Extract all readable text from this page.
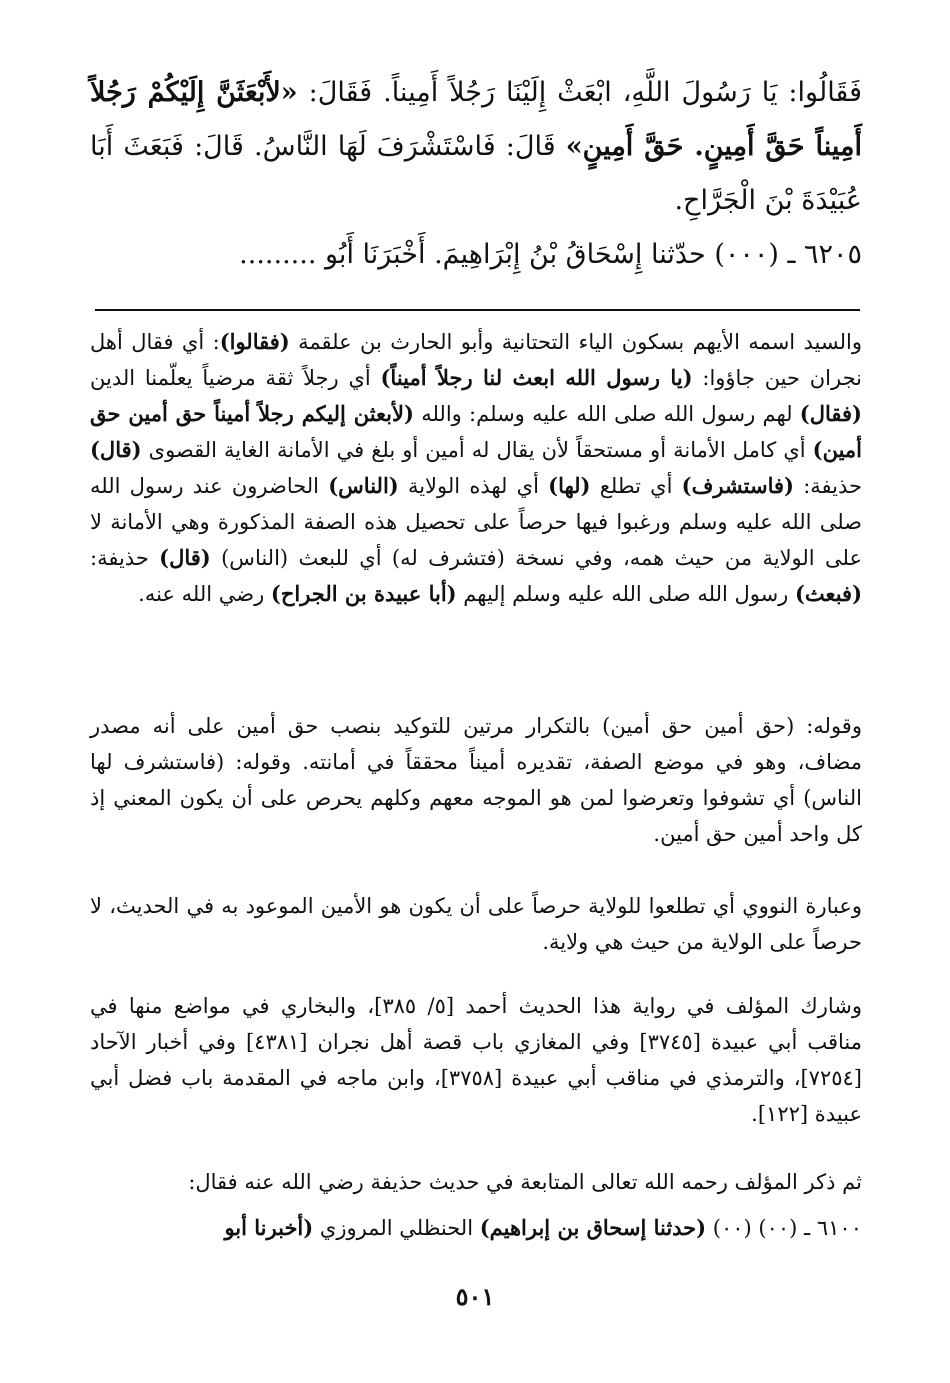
فَقَالُوا: يَا رَسُولَ اللَّهِ، ابْعَثْ إِلَيْنَا رَجُلاً أَمِيناً. فَقَالَ: «لأَبْعَثَنَّ إِلَيْكُمْ رَجُلاً أَمِيناً حَقَّ أَمِينٍ. حَقَّ أَمِينٍ» قَالَ: فَاسْتَشْرَفَ لَهَا النَّاسُ. قَالَ: فَبَعَثَ أَبَا عُبَيْدَةَ بْنَ الْجَرَّاحِ.
٦٢٠٥ ـ (٠٠٠) حدّثنا إِسْحَاقُ بْنُ إِبْرَاهِيمَ. أَخْبَرَنَا أَبُو .........
والسيد اسمه الأيهم بسكون الياء التحتانية وأبو الحارث بن علقمة (فقالوا): أي فقال أهل نجران حين جاؤوا: (يا رسول الله ابعث لنا رجلاً أميناً) أي رجلاً ثقة مرضياً يعلّمنا الدين (فقال) لهم رسول الله صلى الله عليه وسلم: والله (لأبعثن إليكم رجلاً أميناً حق أمين حق أمين) أي كامل الأمانة أو مستحقاً لأن يقال له أمين أو بلغ في الأمانة الغاية القصوى (قال) حذيفة: (فاستشرف) أي تطلع (لها) أي لهذه الولاية (الناس) الحاضرون عند رسول الله صلى الله عليه وسلم ورغبوا فيها حرصاً على تحصيل هذه الصفة المذكورة وهي الأمانة لا على الولاية من حيث همه، وفي نسخة (فتشرف له) أي للبعث (الناس) (قال) حذيفة: (فبعث) رسول الله صلى الله عليه وسلم إليهم (أبا عبيدة بن الجراح) رضي الله عنه.
وقوله: (حق أمين حق أمين) بالتكرار مرتين للتوكيد بنصب حق أمين على أنه مصدر مضاف، وهو في موضع الصفة، تقديره أميناً محققاً في أمانته. وقوله: (فاستشرف لها الناس) أي تشوفوا وتعرضوا لمن هو الموجه معهم وكلهم يحرص على أن يكون المعني إذ كل واحد أمين حق أمين.
وعبارة النووي أي تطلعوا للولاية حرصاً على أن يكون هو الأمين الموعود به في الحديث، لا حرصاً على الولاية من حيث هي ولاية.
وشارك المؤلف في رواية هذا الحديث أحمد [٥/ ٣٨٥]، والبخاري في مواضع منها في مناقب أبي عبيدة [٣٧٤٥] وفي المغازي باب قصة أهل نجران [٤٣٨١] وفي أخبار الآحاد [٧٢٥٤]، والترمذي في مناقب أبي عبيدة [٣٧٥٨]، وابن ماجه في المقدمة باب فضل أبي عبيدة [١٢٢].
ثم ذكر المؤلف رحمه الله تعالى المتابعة في حديث حذيفة رضي الله عنه فقال:
٦١٠٠ ـ (٠٠) (٠٠) (حدثنا إسحاق بن إبراهيم) الحنظلي المروزي (أخبرنا أبو
٥٠١
